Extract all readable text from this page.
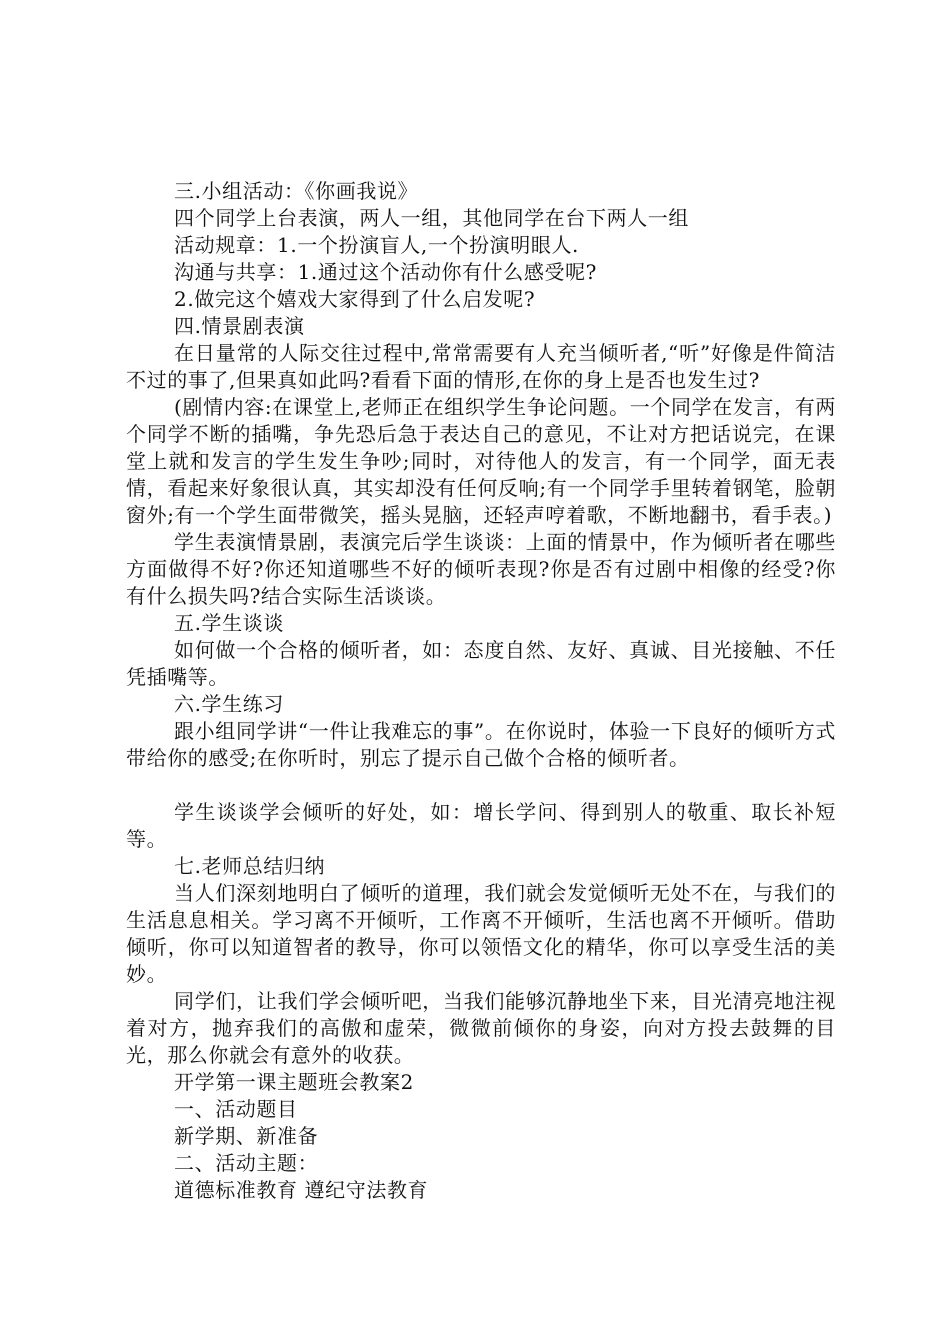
三.小组活动：《你画我说》

四个同学上台表演，两人一组，其他同学在台下两人一组

活动规章：1.一个扮演盲人,一个扮演明眼人.

沟通与共享：1.通过这个活动你有什么感受呢?

2.做完这个嬉戏大家得到了什么启发呢?

四.情景剧表演

在日量常的人际交往过程中,常常需要有人充当倾听者,“听”好像是件简洁不过的事了,但果真如此吗?看看下面的情形,在你的身上是否也发生过?

(剧情内容:在课堂上,老师正在组织学生争论问题。一个同学在发言，有两个同学不断的插嘴，争先恐后急于表达自己的意见，不让对方把话说完，在课堂上就和发言的学生发生争吵;同时，对待他人的发言，有一个同学，面无表情，看起来好象很认真，其实却没有任何反响;有一个同学手里转着钢笔，脸朝窗外;有一个学生面带微笑，摇头晃脑，还轻声哼着歌，不断地翻书，看手表。)

学生表演情景剧，表演完后学生谈谈：上面的情景中，作为倾听者在哪些方面做得不好?你还知道哪些不好的倾听表现?你是否有过剧中相像的经受?你有什么损失吗?结合实际生活谈谈。

五.学生谈谈

如何做一个合格的倾听者，如：态度自然、友好、真诚、目光接触、不任凭插嘴等。

六.学生练习

跟小组同学讲“一件让我难忘的事”。在你说时，体验一下良好的倾听方式带给你的感受;在你听时，别忘了提示自己做个合格的倾听者。

学生谈谈学会倾听的好处，如：增长学问、得到别人的敬重、取长补短等。

七.老师总结归纳

当人们深刻地明白了倾听的道理，我们就会发觉倾听无处不在，与我们的生活息息相关。学习离不开倾听，工作离不开倾听，生活也离不开倾听。借助倾听，你可以知道智者的教导，你可以领悟文化的精华，你可以享受生活的美妙。

同学们，让我们学会倾听吧，当我们能够沉静地坐下来，目光清亮地注视着对方，抛弃我们的高傲和虚荣，微微前倾你的身姿，向对方投去鼓舞的目光，那么你就会有意外的收获。

开学第一课主题班会教案2

一、活动题目

新学期、新准备

二、活动主题：

道德标准教育 遵纪守法教育
